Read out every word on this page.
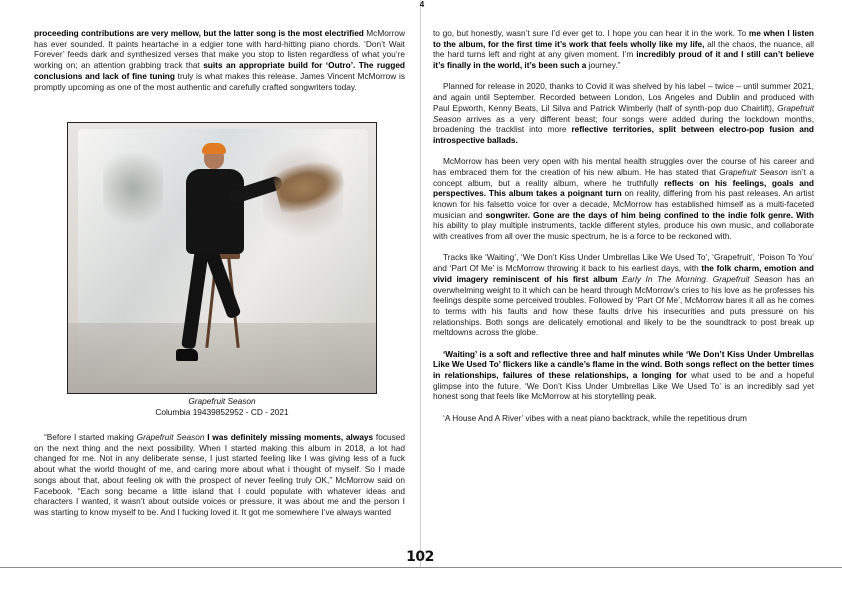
proceeding contributions are very mellow, but the latter song is the most electrified McMorrow has ever sounded. It paints heartache in a edgier tone with hard-hitting piano chords. ‘Don’t Wait Forever’ feeds dark and synthesized verses that make you stop to listen regardless of what you’re working on; an attention grabbing track that suits an appropriate build for ‘Outro’. The rugged conclusions and lack of fine tuning truly is what makes this release. James Vincent McMorrow is promptly upcoming as one of the most authentic and carefully crafted songwriters today.

Grapefruit Season
Columbia 19439852952 - CD - 2021

“Before I started making Grapefruit Season I was definitely missing moments, always focused on the next thing and the next possibility. When I started making this album in 2018, a lot had changed for me. Not in any deliberate sense, I just started feeling like I was giving less of a fuck about what the world thought of me, and caring more about what i thought of myself. So I made songs about that, about feeling ok with the prospect of never feeling truly OK,” McMorrow said on Facebook. “Each song became a little island that I could populate with whatever ideas and characters I wanted, it wasn’t about outside voices or pressure, it was about me and the person I was starting to know myself to be. And I fucking loved it. It got me somewhere I’ve always wanted

to go, but honestly, wasn’t sure I’d ever get to. I hope you can hear it in the work. To me when I listen to the album, for the first time it’s work that feels wholly like my life, all the chaos, the nuance, all the hard turns left and right at any given moment. I’m incredibly proud of it and I still can’t believe it’s finally in the world, it’s been such a journey.”

Planned for release in 2020, thanks to Covid it was shelved by his label – twice – until summer 2021, and again until September. Recorded between London, Los Angeles and Dublin and produced with Paul Epworth, Kenny Beats, Lil Silva and Patrick Wimberly (half of synth-pop duo Chairlift), Grapefruit Season arrives as a very different beast; four songs were added during the lockdown months, broadening the tracklist into more reflective territories, split between electro-pop fusion and introspective ballads.

McMorrow has been very open with his mental health struggles over the course of his career and has embraced them for the creation of his new album. He has stated that Grapefruit Season isn’t a concept album, but a reality album, where he truthfully reflects on his feelings, goals and perspectives. This album takes a poignant turn on reality, differing from his past releases. An artist known for his falsetto voice for over a decade, McMorrow has established himself as a multi-faceted musician and songwriter. Gone are the days of him being confined to the indie folk genre. With his ability to play multiple instruments, tackle different styles, produce his own music, and collaborate with creatives from all over the music spectrum, he is a force to be reckoned with.

Tracks like ‘Waiting’, ‘We Don’t Kiss Under Umbrellas Like We Used To’, ‘Grapefruit’, ‘Poison To You’ and ‘Part Of Me’ is McMorrow throwing it back to his earliest days, with the folk charm, emotion and vivid imagery reminiscent of his first album Early In The Morning. Grapefruit Season has an overwhelming weight to it which can be heard through McMorrow’s cries to his love as he professes his feelings despite some perceived troubles. Followed by ‘Part Of Me’, McMorrow bares it all as he comes to terms with his faults and how these faults drive his insecurities and puts pressure on his relationships. Both songs are delicately emotional and likely to be the soundtrack to post break up meltdowns across the globe.

‘Waiting’ is a soft and reflective three and half minutes while ‘We Don’t Kiss Under Umbrellas Like We Used To’ flickers like a candle’s flame in the wind. Both songs reflect on the better times in relationships, failures of these relationships, a longing for what used to be and a hopeful glimpse into the future. ‘We Don’t Kiss Under Umbrellas Like We Used To’ is an incredibly sad yet honest song that feels like McMorrow at his storytelling peak.

‘A House And A River’ vibes with a neat piano backtrack, while the repetitious drum

4
102
